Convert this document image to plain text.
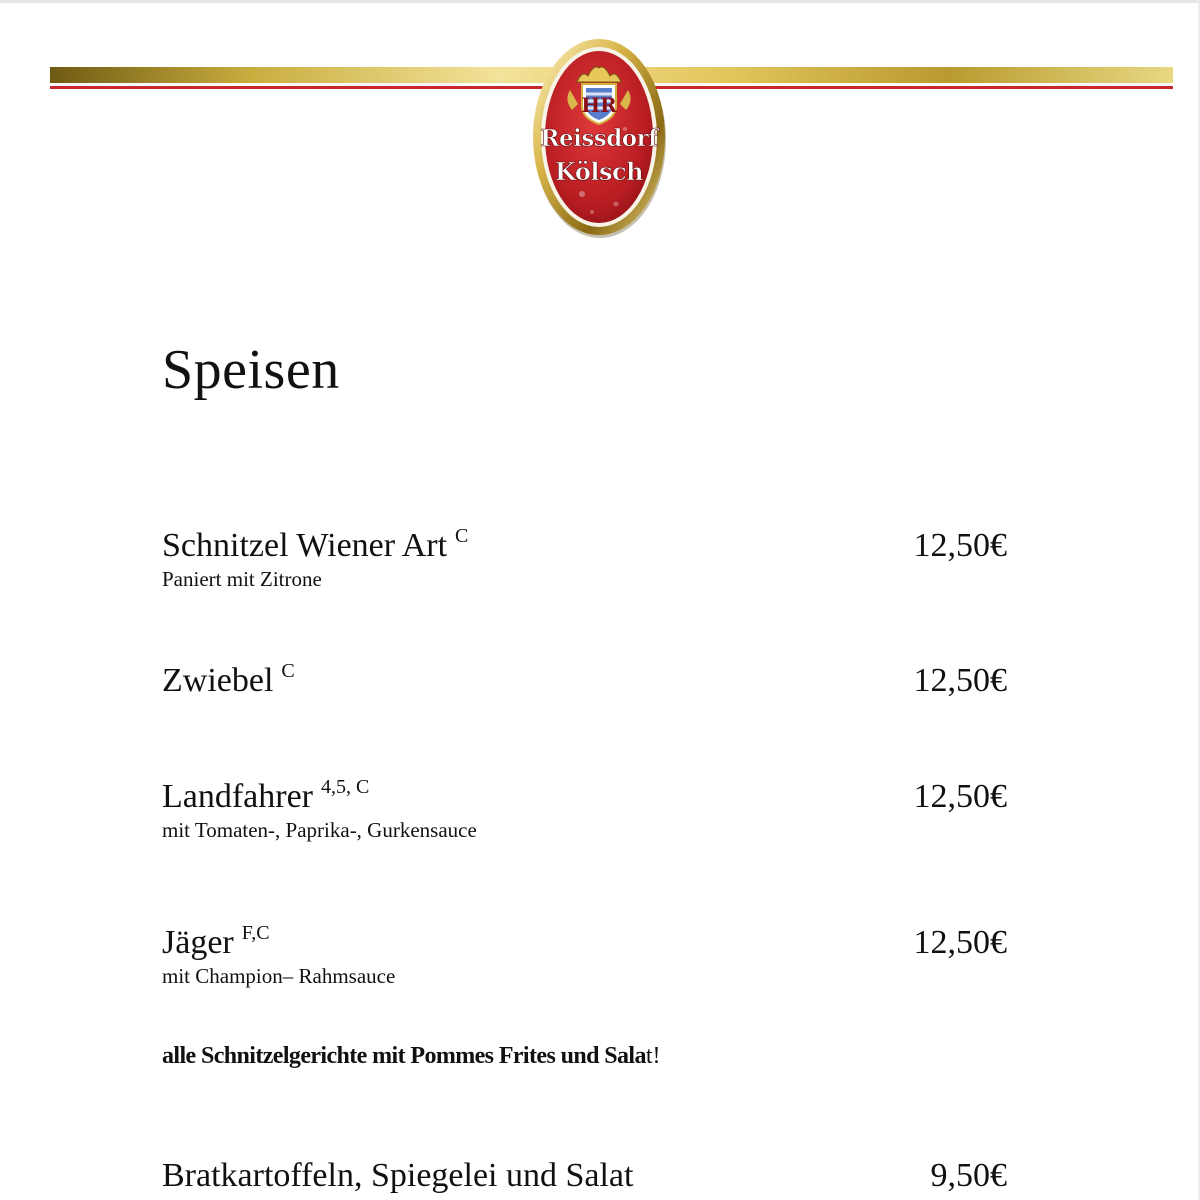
HR
Reissdorf
Kölsch
Speisen
Schnitzel Wiener Art $^C$
Paniert mit Zitrone
12,50€
Zwiebel $^C$	12,50€
Landfahrer $^{4,5, C}$
mit Tomaten-, Paprika-, Gurkensauce
12,50€
Jäger $^{F,C}$
mit Champion– Rahmsauce
12,50€
alle Schnitzelgerichte mit Pommes Frites und Salat!
Bratkartoffeln, Spiegelei und Salat	9,50€
